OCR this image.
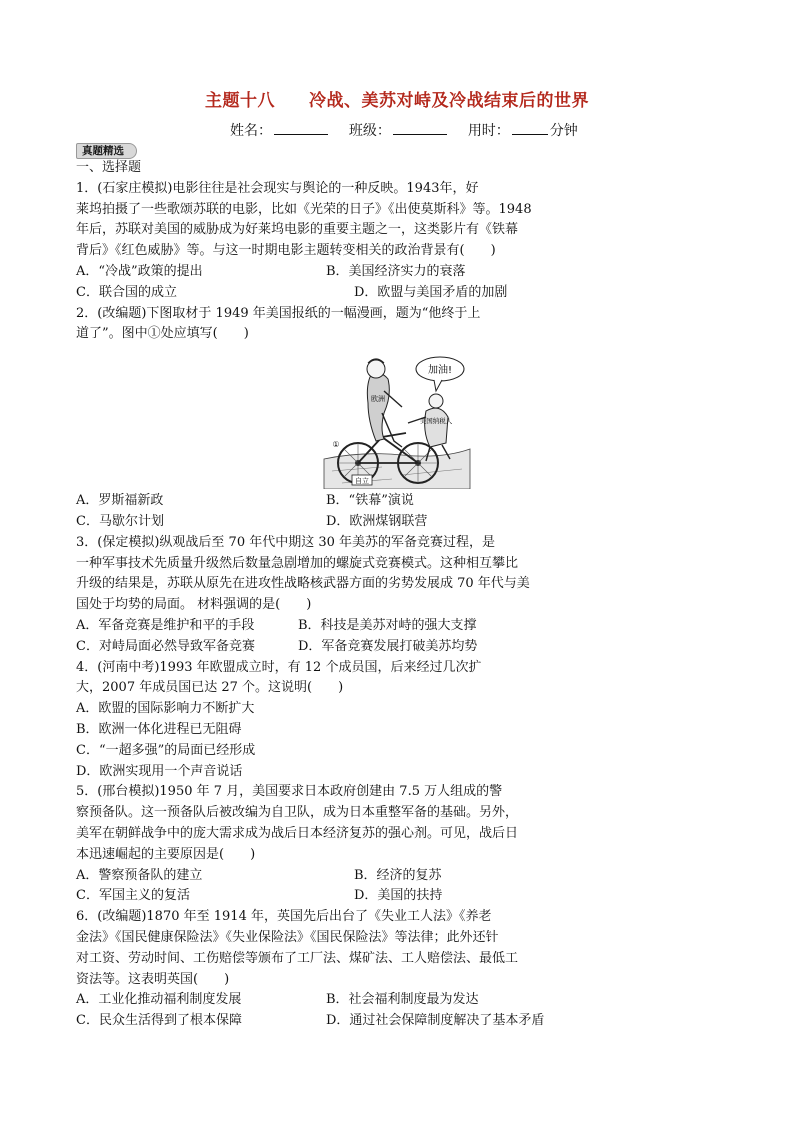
主题十八 冷战、美苏对峙及冷战结束后的世界
姓名：	班级：	用时：	分钟
真题精选

一、选择题

1．(石家庄模拟)电影往往是社会现实与舆论的一种反映。1943年，好

莱坞拍摄了一些歌颂苏联的电影，比如《光荣的日子》《出使莫斯科》等。1948

年后，苏联对美国的威胁成为好莱坞电影的重要主题之一，这类影片有《铁幕

背后》《红色威胁》等。与这一时期电影主题转变相关的政治背景有(　　)

A．“冷战”政策的提出	B．美国经济实力的衰落
C．联合国的成立	D．欧盟与美国矛盾的加剧

2．(改编题)下图取材于 1949 年美国报纸的一幅漫画，题为“他终于上

道了”。图中①处应填写(　　)

加油!
欧洲
美国纳税人
①
自立
A．罗斯福新政	B．“铁幕”演说
C．马歇尔计划	D．欧洲煤钢联营

3．(保定模拟)纵观战后至 70 年代中期这 30 年美苏的军备竞赛过程，是

一种军事技术先质量升级然后数量急剧增加的螺旋式竞赛模式。这种相互攀比

升级的结果是，苏联从原先在进攻性战略核武器方面的劣势发展成 70 年代与美

国处于均势的局面。 材料强调的是(　　)

A．军备竞赛是维护和平的手段	B．科技是美苏对峙的强大支撑
C．对峙局面必然导致军备竞赛	D．军备竞赛发展打破美苏均势

4．(河南中考)1993 年欧盟成立时，有 12 个成员国，后来经过几次扩

大，2007 年成员国已达 27 个。这说明(　　)

A．欧盟的国际影响力不断扩大

B．欧洲一体化进程已无阻碍

C．“一超多强”的局面已经形成

D．欧洲实现用一个声音说话

5．(邢台模拟)1950 年 7 月，美国要求日本政府创建由 7.5 万人组成的警

察预备队。这一预备队后被改编为自卫队，成为日本重整军备的基础。另外，

美军在朝鲜战争中的庞大需求成为战后日本经济复苏的强心剂。可见，战后日

本迅速崛起的主要原因是(　　)

A．警察预备队的建立	B．经济的复苏
C．军国主义的复活	D．美国的扶持

6．(改编题)1870 年至 1914 年，英国先后出台了《失业工人法》《养老

金法》《国民健康保险法》《失业保险法》《国民保险法》等法律；此外还针

对工资、劳动时间、工伤赔偿等颁布了工厂法、煤矿法、工人赔偿法、最低工

资法等。这表明英国(　　)

A．工业化推动福利制度发展	B．社会福利制度最为发达
C．民众生活得到了根本保障	D．通过社会保障制度解决了基本矛盾
